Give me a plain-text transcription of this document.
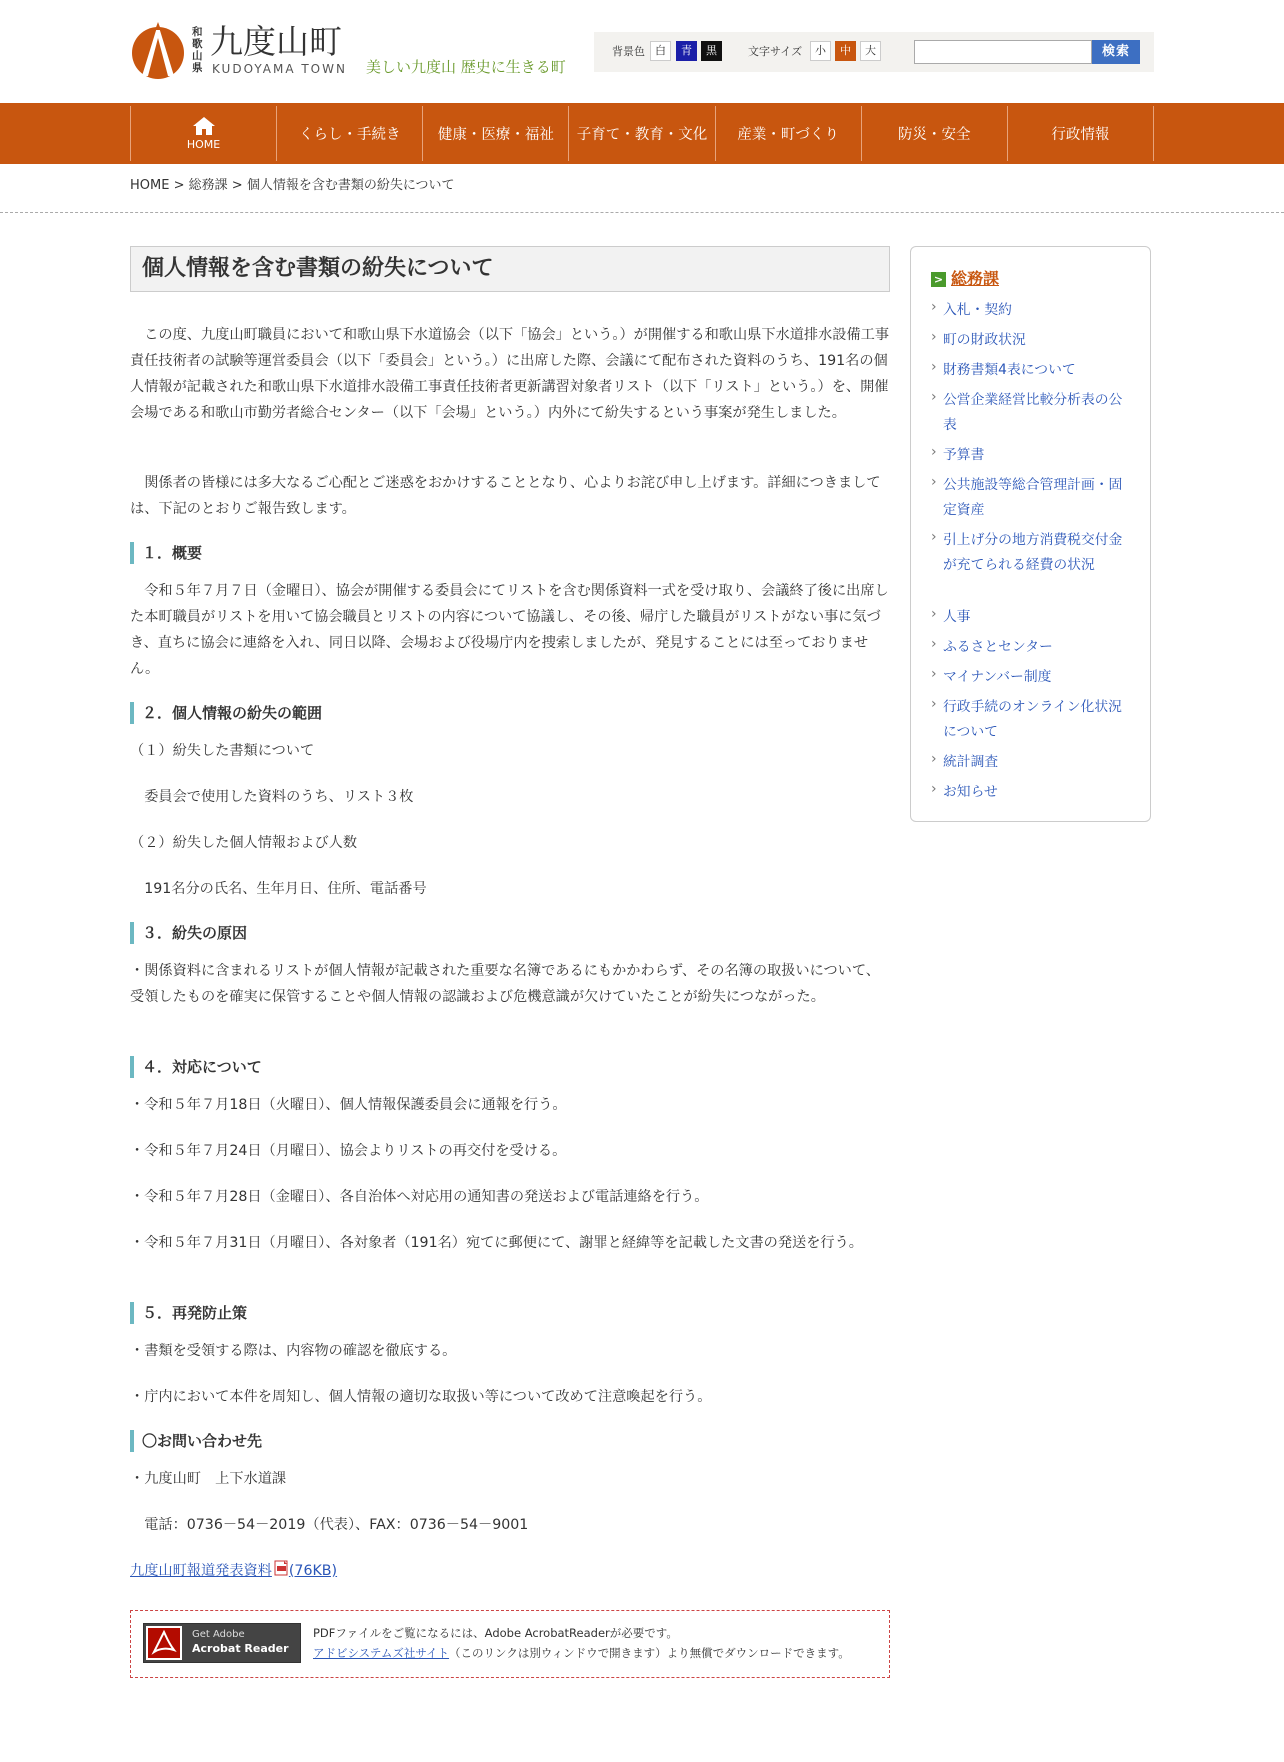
和歌山県
九度山町
KUDOYAMA TOWN 美しい九度山 歴史に生きる町
背景色 白	青	黒	文字サイズ	小	中	大	検索
HOME
くらし・手続き	健康・医療・福祉	子育て・教育・文化	産業・町づくり	防災・安全	行政情報
HOME > 総務課 > 個人情報を含む書類の紛失について
個人情報を含む書類の紛失について

この度、九度山町職員において和歌山県下水道協会（以下「協会」という。）が開催する和歌山県下水道排水設備工事責任技術者の試験等運営委員会（以下「委員会」という。）に出席した際、会議にて配布された資料のうち、191名の個人情報が記載された和歌山県下水道排水設備工事責任技術者更新講習対象者リスト（以下「リスト」という。）を、開催会場である和歌山市勤労者総合センター（以下「会場」という。）内外にて紛失するという事案が発生しました。

関係者の皆様には多大なるご心配とご迷惑をおかけすることとなり、心よりお詫び申し上げます。詳細につきましては、下記のとおりご報告致します。

１．概要

令和５年７月７日（金曜日）、協会が開催する委員会にてリストを含む関係資料一式を受け取り、会議終了後に出席した本町職員がリストを用いて協会職員とリストの内容について協議し、その後、帰庁した職員がリストがない事に気づき、直ちに協会に連絡を入れ、同日以降、会場および役場庁内を捜索しましたが、発見することには至っておりません。

２．個人情報の紛失の範囲

（１）紛失した書類について

委員会で使用した資料のうち、リスト３枚

（２）紛失した個人情報および人数

191名分の氏名、生年月日、住所、電話番号

３．紛失の原因

・関係資料に含まれるリストが個人情報が記載された重要な名簿であるにもかかわらず、その名簿の取扱いについて、受領したものを確実に保管することや個人情報の認識および危機意識が欠けていたことが紛失につながった。

４．対応について

・令和５年７月18日（火曜日）、個人情報保護委員会に通報を行う。

・令和５年７月24日（月曜日）、協会よりリストの再交付を受ける。

・令和５年７月28日（金曜日）、各自治体へ対応用の通知書の発送および電話連絡を行う。

・令和５年７月31日（月曜日）、各対象者（191名）宛てに郵便にて、謝罪と経緯等を記載した文書の発送を行う。

５．再発防止策

・書類を受領する際は、内容物の確認を徹底する。

・庁内において本件を周知し、個人情報の適切な取扱い等について改めて注意喚起を行う。

〇お問い合わせ先

・九度山町　上下水道課

電話：0736－54－2019（代表）、FAX：0736－54－9001

九度山町報道発表資料 (76KB)

Get Adobe
Acrobat Reader
PDFファイルをご覧になるには、Adobe AcrobatReaderが必要です。
アドビシステムズ社サイト（このリンクは別ウィンドウで開きます）より無償でダウンロードできます。
> 総務課
› 入札・契約
› 町の財政状況
› 財務書類4表について
› 公営企業経営比較分析表の公表
› 予算書
› 公共施設等総合管理計画・固定資産
› 引上げ分の地方消費税交付金が充てられる経費の状況
› 人事
› ふるさとセンター
› マイナンバー制度
› 行政手続のオンライン化状況について
› 統計調査
› お知らせ
